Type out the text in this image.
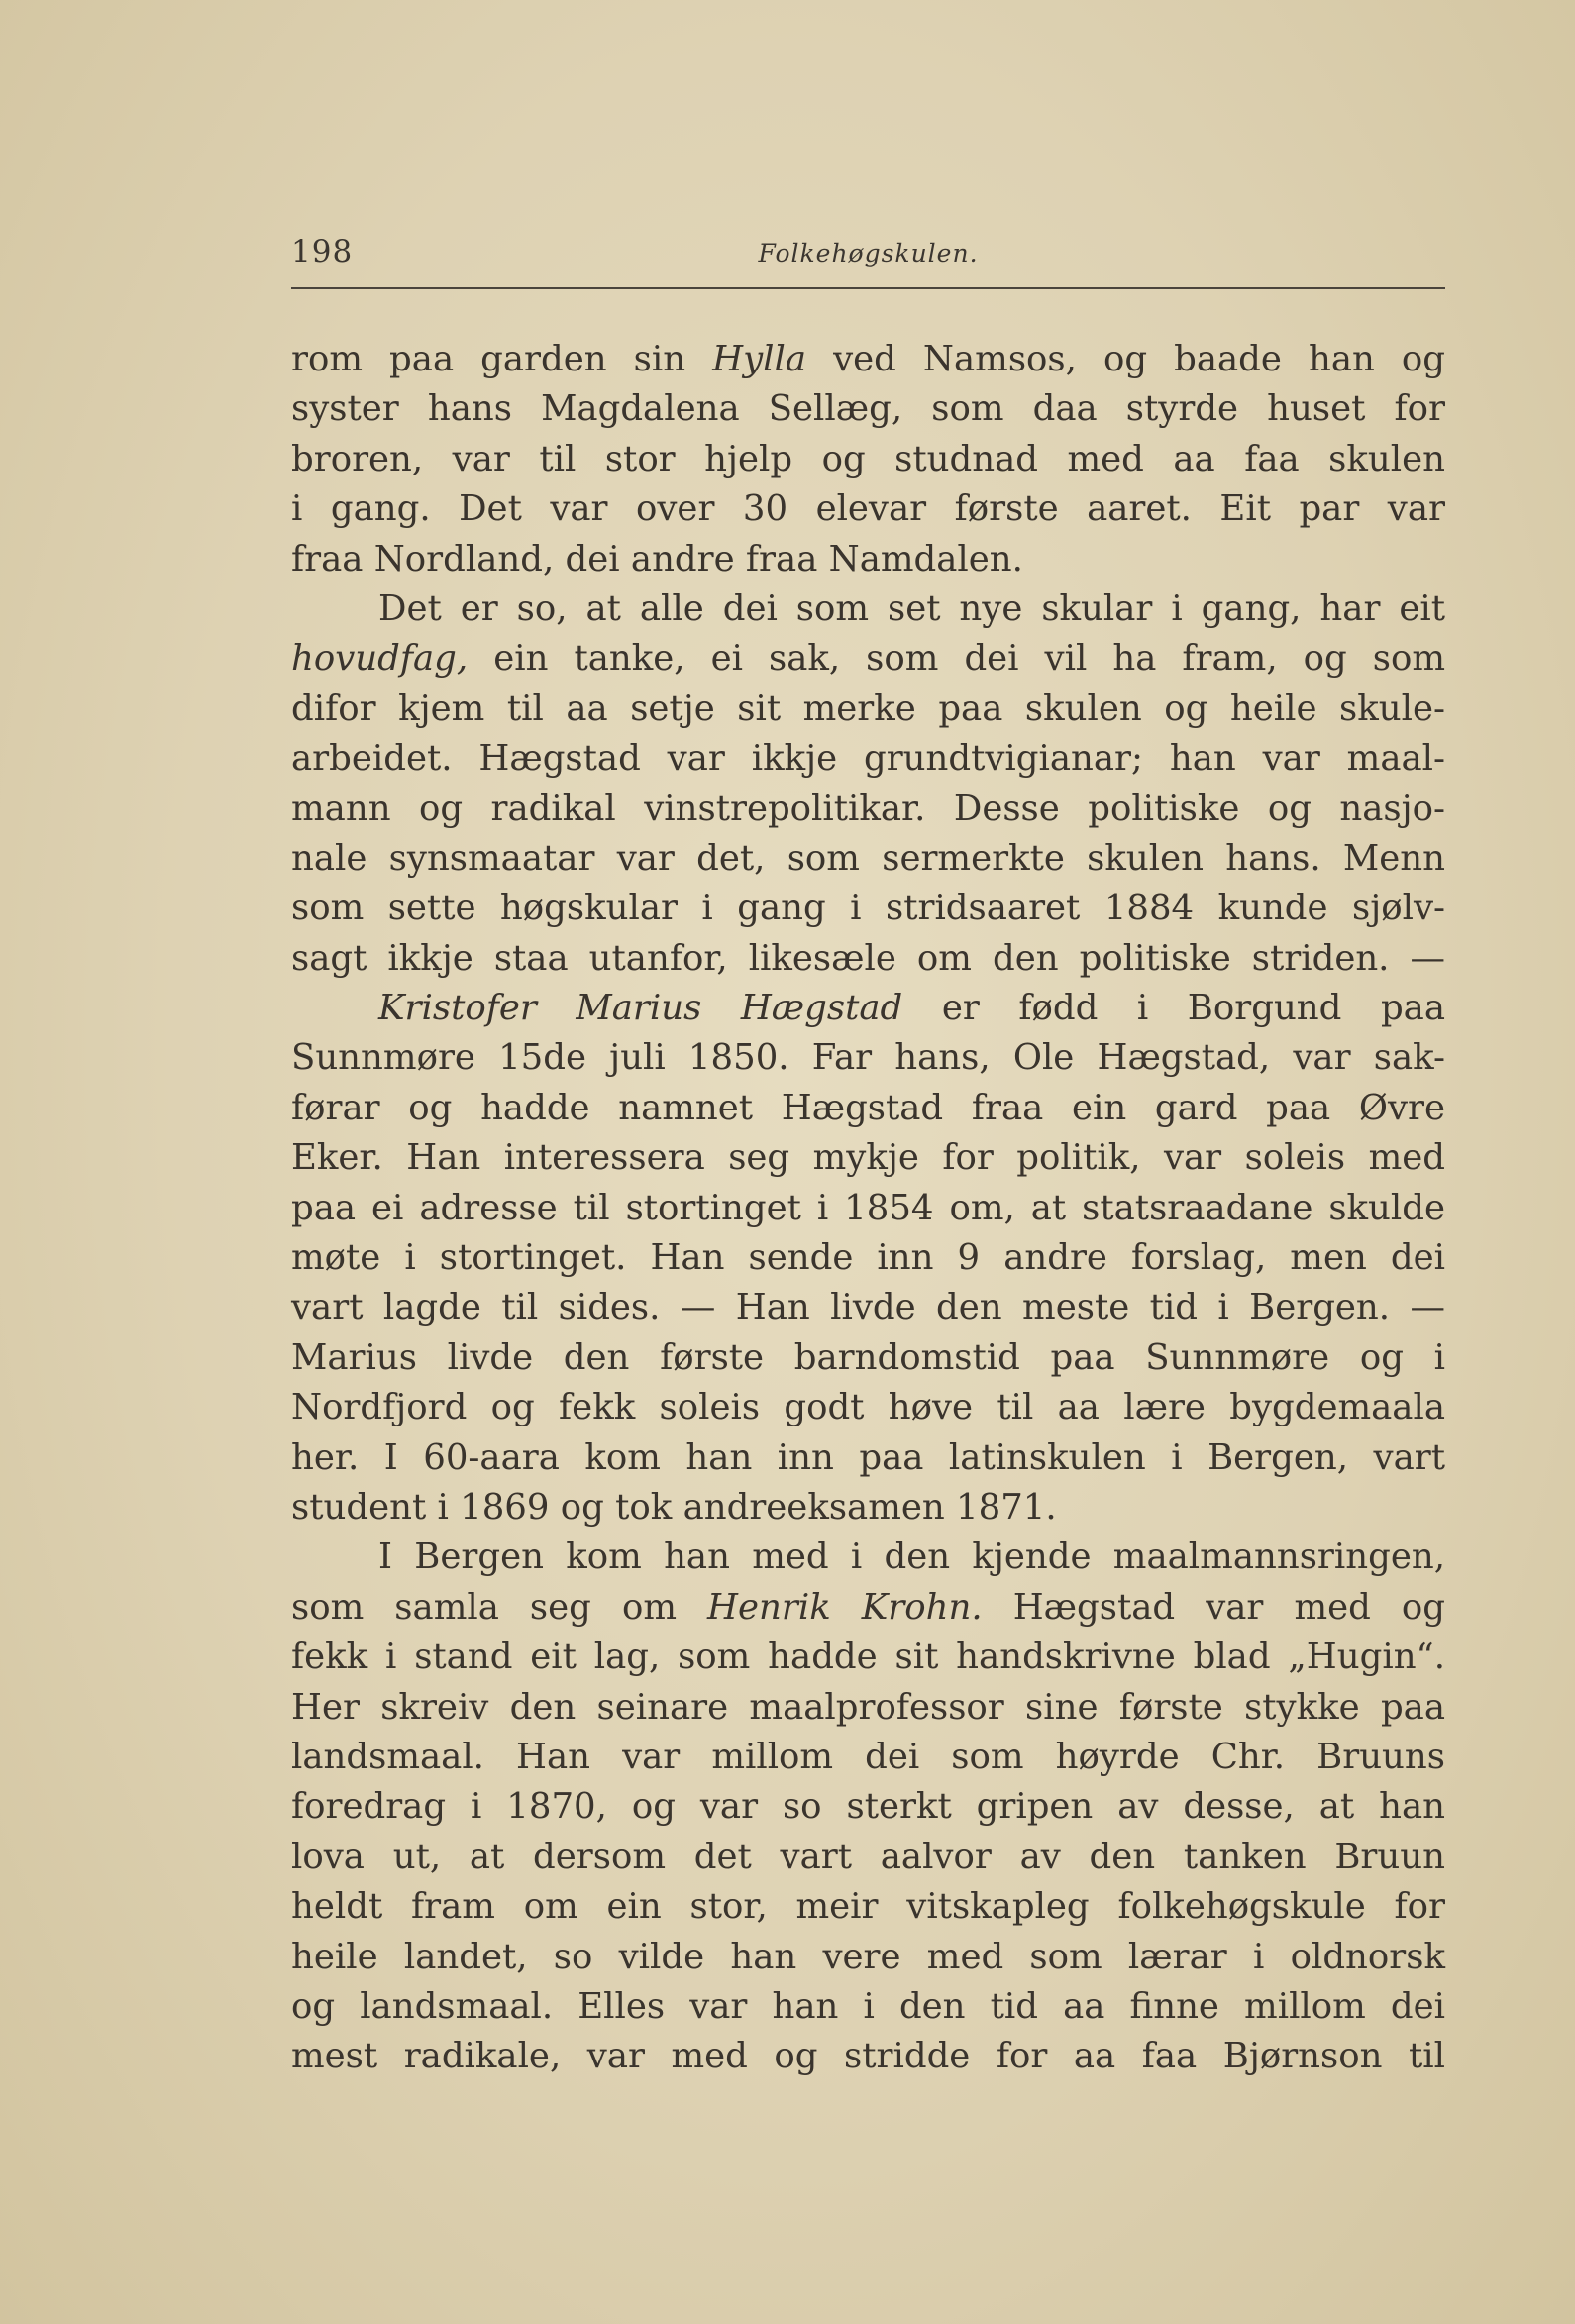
198	Folkehøgskulen.
rom paa garden sin Hylla ved Namsos, og baade han og
syster hans Magdalena Sellæg, som daa styrde huset for
broren, var til stor hjelp og studnad med aa faa skulen
i gang. Det var over 30 elevar første aaret. Eit par var
fraa Nordland, dei andre fraa Namdalen.
Det er so, at alle dei som set nye skular i gang, har eit
hovudfag, ein tanke, ei sak, som dei vil ha fram, og som
difor kjem til aa setje sit merke paa skulen og heile skule-
arbeidet. Hægstad var ikkje grundtvigianar; han var maal-
mann og radikal vinstrepolitikar. Desse politiske og nasjo-
nale synsmaatar var det, som sermerkte skulen hans. Menn
som sette høgskular i gang i stridsaaret 1884 kunde sjølv-
sagt ikkje staa utanfor, likesæle om den politiske striden. —
Kristofer Marius Hægstad er fødd i Borgund paa
Sunnmøre 15de juli 1850. Far hans, Ole Hægstad, var sak-
førar og hadde namnet Hægstad fraa ein gard paa Øvre
Eker. Han interessera seg mykje for politik, var soleis med
paa ei adresse til stortinget i 1854 om, at statsraadane skulde
møte i stortinget. Han sende inn 9 andre forslag, men dei
vart lagde til sides. — Han livde den meste tid i Bergen. —
Marius livde den første barndomstid paa Sunnmøre og i
Nordfjord og fekk soleis godt høve til aa lære bygdemaala
her. I 60-aara kom han inn paa latinskulen i Bergen, vart
student i 1869 og tok andreeksamen 1871.
I Bergen kom han med i den kjende maalmannsringen,
som samla seg om Henrik Krohn. Hægstad var med og
fekk i stand eit lag, som hadde sit handskrivne blad „Hugin“.
Her skreiv den seinare maalprofessor sine første stykke paa
landsmaal. Han var millom dei som høyrde Chr. Bruuns
foredrag i 1870, og var so sterkt gripen av desse, at han
lova ut, at dersom det vart aalvor av den tanken Bruun
heldt fram om ein stor, meir vitskapleg folkehøgskule for
heile landet, so vilde han vere med som lærar i oldnorsk
og landsmaal. Elles var han i den tid aa finne millom dei
mest radikale, var med og stridde for aa faa Bjørnson til
